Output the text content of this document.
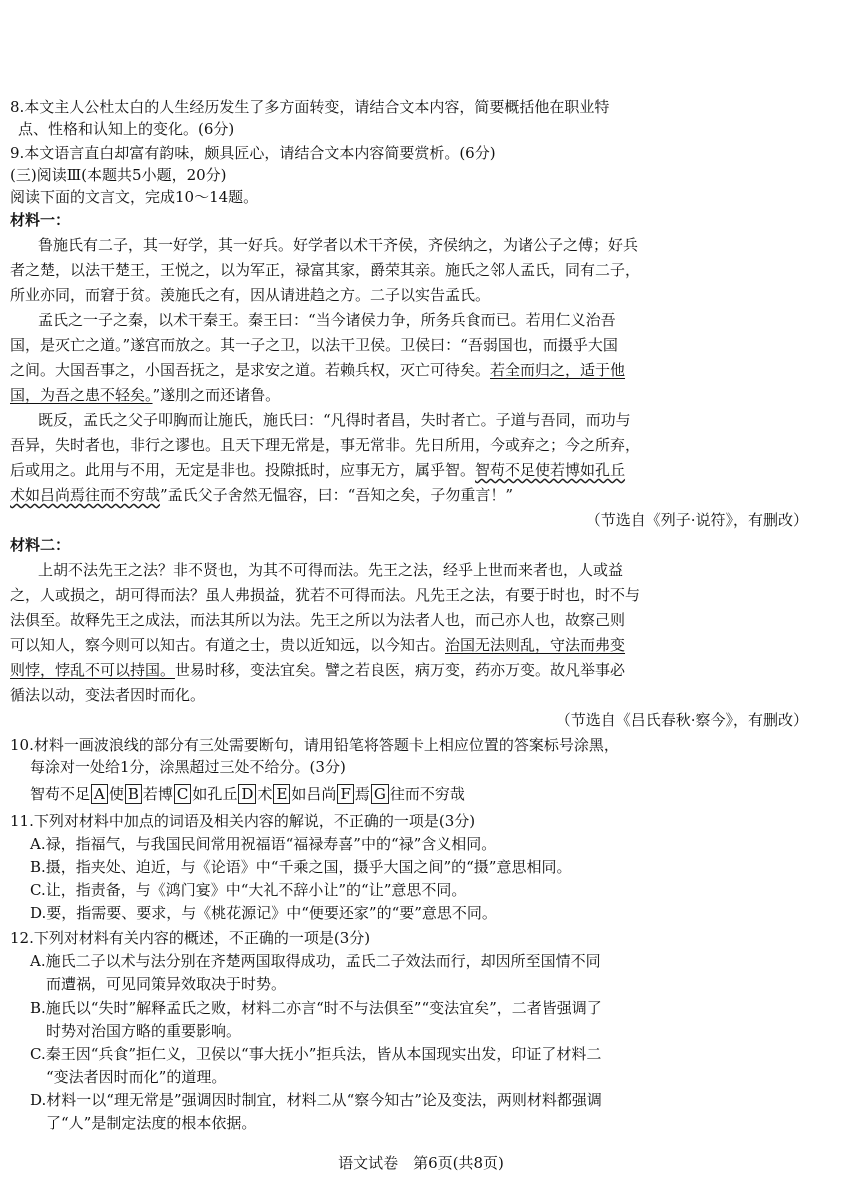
8.本文主人公杜太白的人生经历发生了多方面转变，请结合文本内容，简要概括他在职业特
点、性格和认知上的变化。(6分)
9.本文语言直白却富有韵味，颇具匠心，请结合文本内容简要赏析。(6分)
(三)阅读Ⅲ(本题共5小题，20分)
阅读下面的文言文，完成10～14题。
材料一：
鲁施氏有二子，其一好学，其一好兵。好学者以术干齐侯，齐侯纳之，为诸公子之傅；好兵
者之楚，以法干楚王，王悦之，以为军正，禄富其家，爵荣其亲。施氏之邻人孟氏，同有二子，
所业亦同，而窘于贫。羡施氏之有，因从请进趋之方。二子以实告孟氏。
孟氏之一子之秦，以术干秦王。秦王曰：“当今诸侯力争，所务兵食而已。若用仁义治吾
国，是灭亡之道。”遂宫而放之。其一子之卫，以法干卫侯。卫侯曰：“吾弱国也，而摄乎大国
之间。大国吾事之，小国吾抚之，是求安之道。若赖兵权，灭亡可待矣。若全而归之，适于他
国，为吾之患不轻矣。”遂刖之而还诸鲁。
既反，孟氏之父子叩胸而让施氏，施氏曰：“凡得时者昌，失时者亡。子道与吾同，而功与
吾异，失时者也，非行之谬也。且天下理无常是，事无常非。先日所用，今或弃之；今之所弃，
后或用之。此用与不用，无定是非也。投隙抵时，应事无方，属乎智。智苟不足使若博如孔丘
术如吕尚焉往而不穷哉”孟氏父子舍然无愠容，曰：“吾知之矣，子勿重言！”
（节选自《列子·说符》，有删改）
材料二：
上胡不法先王之法？非不贤也，为其不可得而法。先王之法，经乎上世而来者也，人或益
之，人或损之，胡可得而法？虽人弗损益，犹若不可得而法。凡先王之法，有要于时也，时不与
法俱至。故释先王之成法，而法其所以为法。先王之所以为法者人也，而己亦人也，故察己则
可以知人，察今则可以知古。有道之士，贵以近知远，以今知古。治国无法则乱，守法而弗变
则悖，悖乱不可以持国。世易时移，变法宜矣。譬之若良医，病万变，药亦万变。故凡举事必
循法以动，变法者因时而化。
（节选自《吕氏春秋·察今》，有删改）
10.材料一画波浪线的部分有三处需要断句，请用铅笔将答题卡上相应位置的答案标号涂黑，
每涂对一处给1分，涂黑超过三处不给分。(3分)
智苟不足 A 使 B 若博 C 如孔丘 D 术 E 如吕尚 F 焉 G 往而不穷哉
11.下列对材料中加点的词语及相关内容的解说，不正确的一项是(3分)
A.禄，指福气，与我国民间常用祝福语“福禄寿喜”中的“禄”含义相同。
B.摄，指夹处、迫近，与《论语》中“千乘之国，摄乎大国之间”的“摄”意思相同。
C.让，指责备，与《鸿门宴》中“大礼不辞小让”的“让”意思不同。
D.要，指需要、要求，与《桃花源记》中“便要还家”的“要”意思不同。
12.下列对材料有关内容的概述，不正确的一项是(3分)
A.施氏二子以术与法分别在齐楚两国取得成功，孟氏二子效法而行，却因所至国情不同
而遭祸，可见同策异效取决于时势。
B.施氏以“失时”解释孟氏之败，材料二亦言“时不与法俱至”“变法宜矣”，二者皆强调了
时势对治国方略的重要影响。
C.秦王因“兵食”拒仁义，卫侯以“事大抚小”拒兵法，皆从本国现实出发，印证了材料二
“变法者因时而化”的道理。
D.材料一以“理无常是”强调因时制宜，材料二从“察今知古”论及变法，两则材料都强调
语文试卷　第6页(共8页)
了“人”是制定法度的根本依据。
